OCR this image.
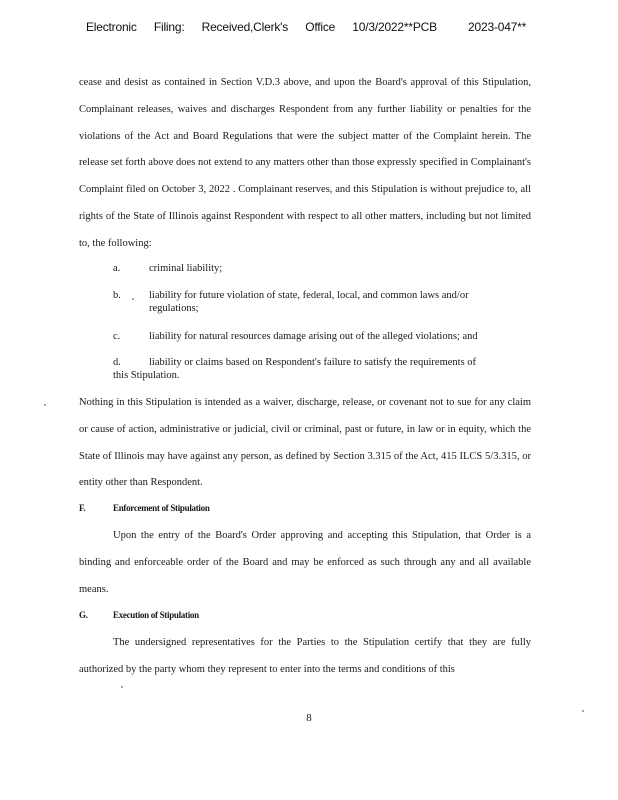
Electronic Filing: Received,Clerk's Office 10/3/2022**PCB	2023-047**
cease and desist as contained in Section V.D.3 above, and upon the Board's approval of this Stipulation, Complainant releases, waives and discharges Respondent from any further liability or penalties for the violations of the Act and Board Regulations that were the subject matter of the Complaint herein. The release set forth above does not extend to any matters other than those expressly specified in Complainant's Complaint filed on October 3, 2022 . Complainant reserves, and this Stipulation is without prejudice to, all rights of the State of Illinois against Respondent with respect to all other matters, including but not limited to, the following:
a.	criminal liability;
b.	liability for future violation of state, federal, local, and common laws and/or regulations;
c.	liability for natural resources damage arising out of the alleged violations; and
d.	liability or claims based on Respondent's failure to satisfy the requirements of
this Stipulation.
Nothing in this Stipulation is intended as a waiver, discharge, release, or covenant not to sue for any claim or cause of action, administrative or judicial, civil or criminal, past or future, in law or in equity, which the State of Illinois may have against any person, as defined by Section 3.315 of the Act, 415 ILCS 5/3.315, or entity other than Respondent.
F.	Enforcement of Stipulation
Upon the entry of the Board's Order approving and accepting this Stipulation, that Order is a binding and enforceable order of the Board and may be enforced as such through any and all available means.
G.	Execution of Stipulation
The undersigned representatives for the Parties to the Stipulation certify that they are fully authorized by the party whom they represent to enter into the terms and conditions of this
8
